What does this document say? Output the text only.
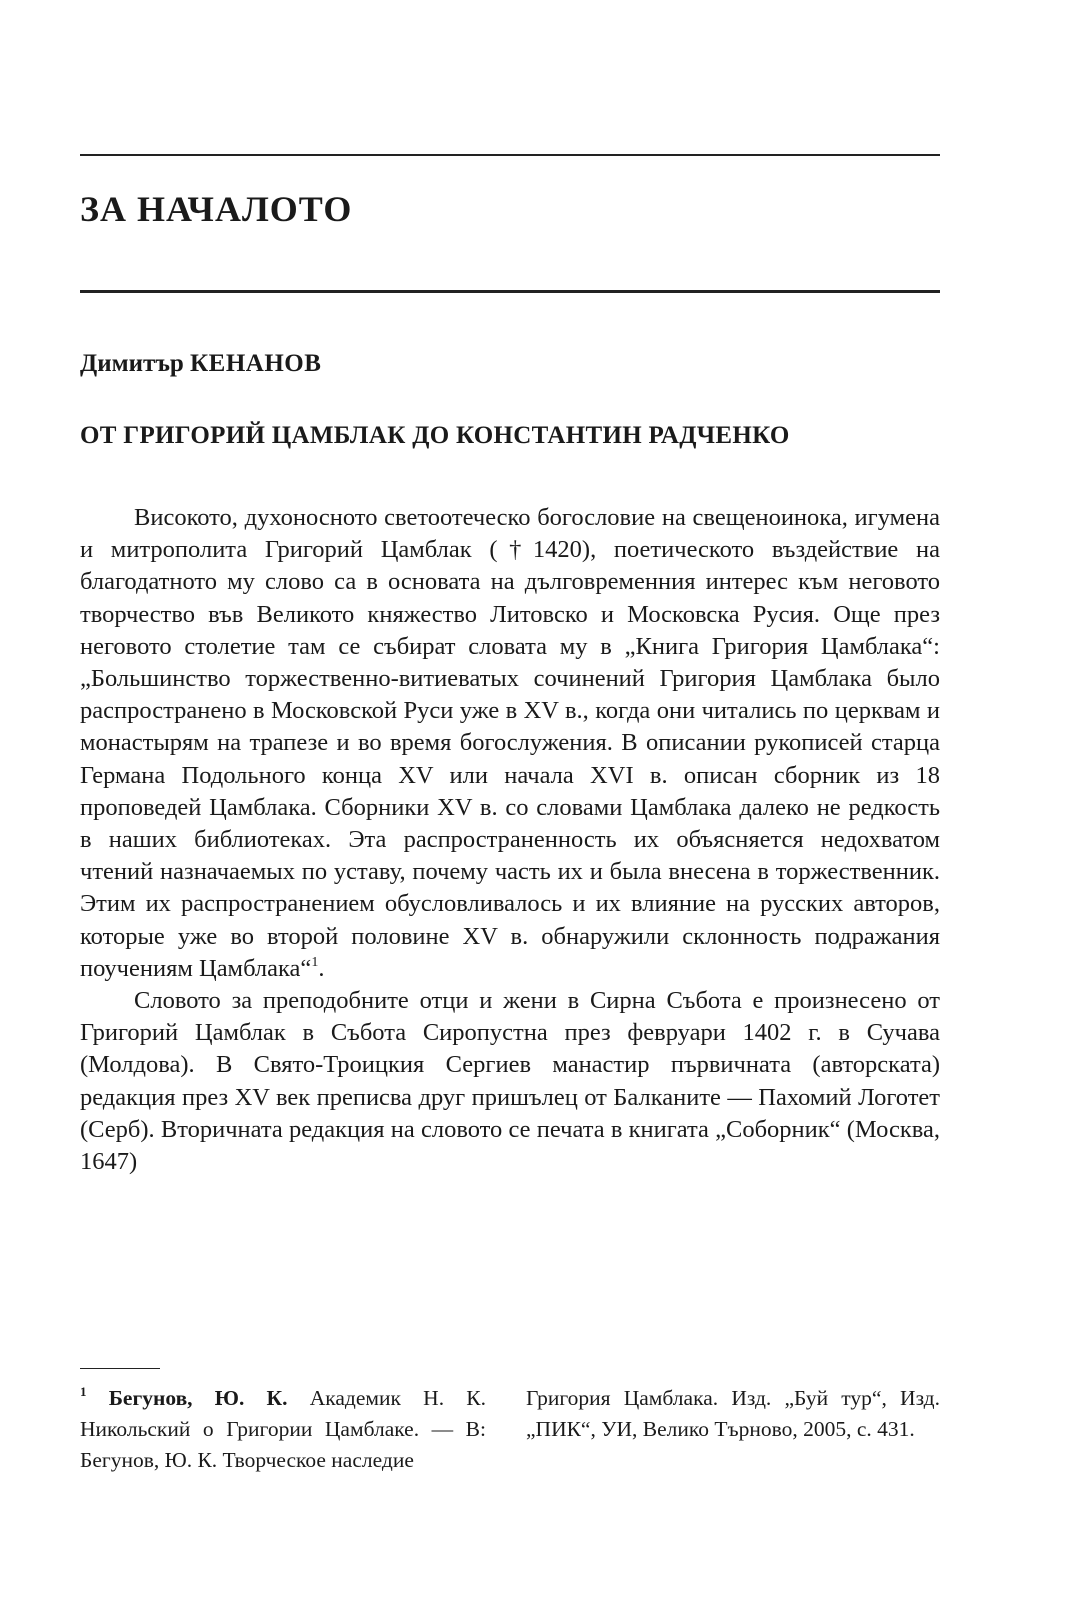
ЗА НАЧАЛОТО
Димитър КЕНАНОВ
ОТ ГРИГОРИЙ ЦАМБЛАК ДО КОНСТАНТИН РАДЧЕНКО

Високото, духоносното светоотеческо богословие на свещеноинока, игумена и митрополита Григорий Цамблак (†1420), поетическото въздействие на благодатното му слово са в основата на дълговременния интерес към неговото творчество във Великото княжество Литовско и Московска Русия. Още през неговото столетие там се събират словата му в „Книга Григория Цамблака“: „Большинство торжественно-витиеватых сочинений Григория Цамблака было распространено в Московской Руси уже в XV в., когда они читались по церквам и монастырям на трапезе и во время богослужения. В описании рукописей старца Германа Подольного конца XV или начала XVI в. описан сборник из 18 проповедей Цамблака. Сборники XV в. со словами Цамблака далеко не редкость в наших библиотеках. Эта распространенность их объясняется недохватом чтений назначаемых по уставу, почему часть их и была внесена в торжественник. Этим их распространением обусловливалось и их влияние на русских авторов, которые уже во второй половине XV в. обнаружили склонность подражания поучениям Цамблака“$^1$.

Словото за преподобните отци и жени в Сирна Събота е произнесено от Григорий Цамблак в Събота Сиропустна през февруари 1402 г. в Сучава (Молдова). В Свято-Троицкия Сергиев манастир първичната (авторската) редакция през XV век преписва друг пришълец от Балканите — Пахомий Логотет (Серб). Вторичната редакция на словото се печата в книгата „Соборник“ (Москва, 1647)

$^1$ Бегунов, Ю. К. Академик Н. К. Никольский о Григории Цамблаке. — В: Бегунов, Ю. К. Творческое наследие
Григория Цамблака. Изд. „Буй тур“, Изд. „ПИК“, УИ, Велико Търново, 2005, с. 431.
